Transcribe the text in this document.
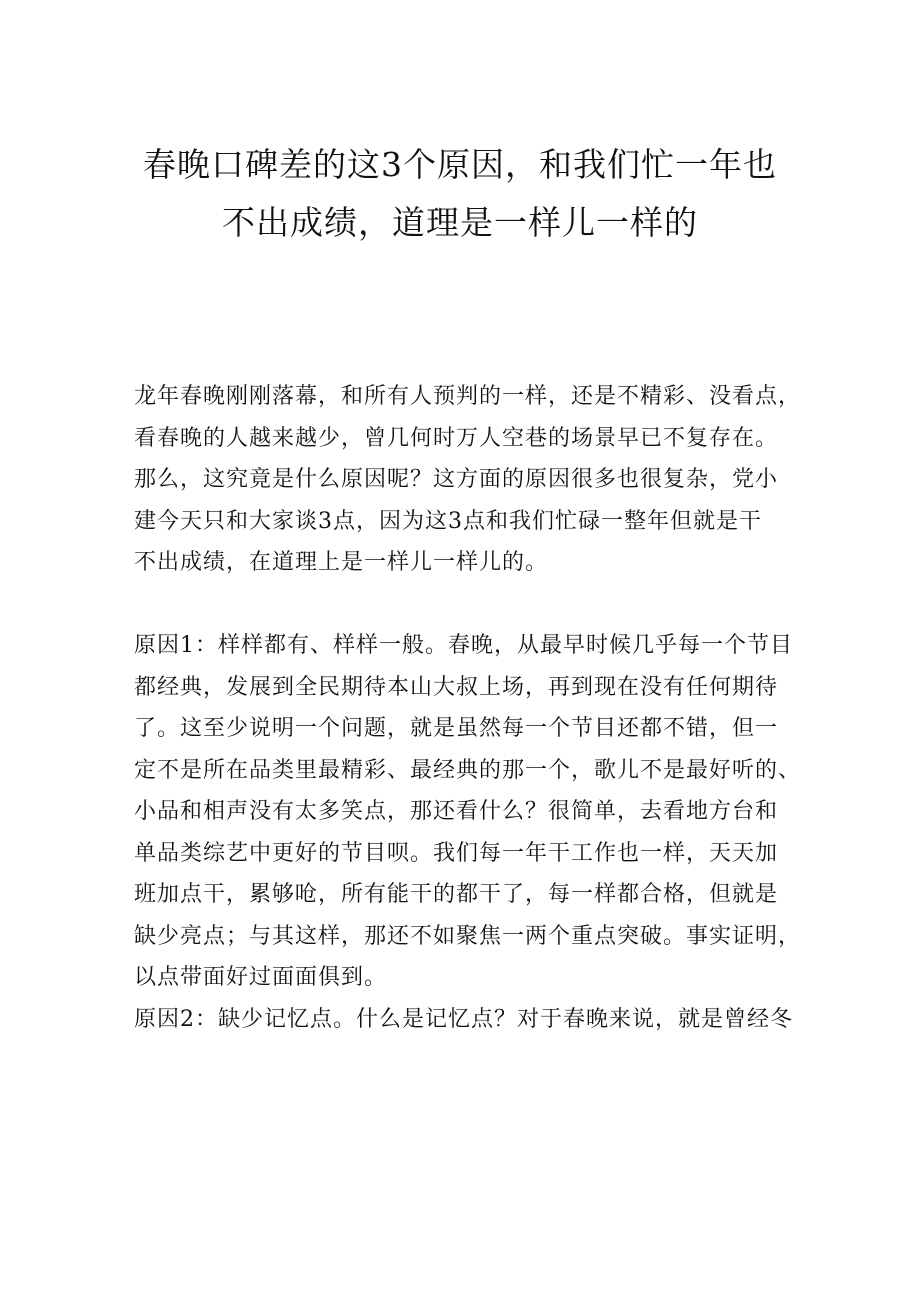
春晚口碑差的这3个原因，和我们忙一年也
不出成绩，道理是一样儿一样的

龙年春晚刚刚落幕，和所有人预判的一样，还是不精彩、没看点，
看春晚的人越来越少，曾几何时万人空巷的场景早已不复存在。
那么，这究竟是什么原因呢？这方面的原因很多也很复杂，党小
建今天只和大家谈3点，因为这3点和我们忙碌一整年但就是干
不出成绩，在道理上是一样儿一样儿的。

原因1：样样都有、样样一般。春晚，从最早时候几乎每一个节目
都经典，发展到全民期待本山大叔上场，再到现在没有任何期待
了。这至少说明一个问题，就是虽然每一个节目还都不错，但一
定不是所在品类里最精彩、最经典的那一个，歌儿不是最好听的、
小品和相声没有太多笑点，那还看什么？很简单，去看地方台和
单品类综艺中更好的节目呗。我们每一年干工作也一样，天天加
班加点干，累够呛，所有能干的都干了，每一样都合格，但就是
缺少亮点；与其这样，那还不如聚焦一两个重点突破。事实证明，
以点带面好过面面俱到。

原因2：缺少记忆点。什么是记忆点？对于春晚来说，就是曾经冬
